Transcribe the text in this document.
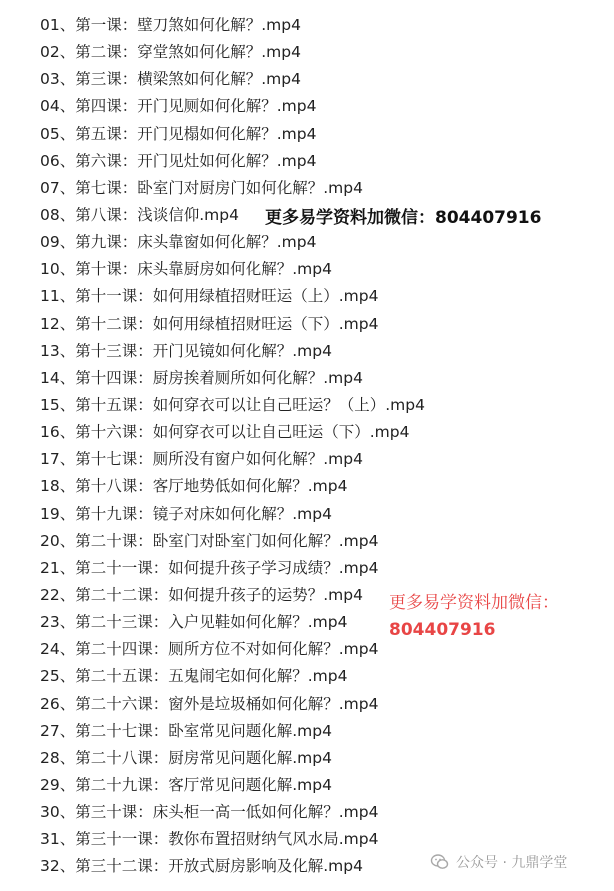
01、第一课：壁刀煞如何化解？.mp4
02、第二课：穿堂煞如何化解？.mp4
03、第三课：横梁煞如何化解？.mp4
04、第四课：开门见厕如何化解？.mp4
05、第五课：开门见榻如何化解？.mp4
06、第六课：开门见灶如何化解？.mp4
07、第七课：卧室门对厨房门如何化解？.mp4
08、第八课：浅谈信仰.mp4
09、第九课：床头靠窗如何化解？.mp4
10、第十课：床头靠厨房如何化解？.mp4
11、第十一课：如何用绿植招财旺运（上）.mp4
12、第十二课：如何用绿植招财旺运（下）.mp4
13、第十三课：开门见镜如何化解？.mp4
14、第十四课：厨房挨着厕所如何化解？.mp4
15、第十五课：如何穿衣可以让自己旺运？（上）.mp4
16、第十六课：如何穿衣可以让自己旺运（下）.mp4
17、第十七课：厕所没有窗户如何化解？.mp4
18、第十八课：客厅地势低如何化解？.mp4
19、第十九课：镜子对床如何化解？.mp4
20、第二十课：卧室门对卧室门如何化解？.mp4
21、第二十一课：如何提升孩子学习成绩？.mp4
22、第二十二课：如何提升孩子的运势？.mp4
23、第二十三课：入户见鞋如何化解？.mp4
24、第二十四课：厕所方位不对如何化解？.mp4
25、第二十五课：五鬼闹宅如何化解？.mp4
26、第二十六课：窗外是垃圾桶如何化解？.mp4
27、第二十七课：卧室常见问题化解.mp4
28、第二十八课：厨房常见问题化解.mp4
29、第二十九课：客厅常见问题化解.mp4
30、第三十课：床头柜一高一低如何化解？.mp4
31、第三十一课：教你布置招财纳气风水局.mp4
32、第三十二课：开放式厨房影响及化解.mp4
更多易学资料加微信：804407916
更多易学资料加微信：
804407916
公众号 · 九鼎学堂
